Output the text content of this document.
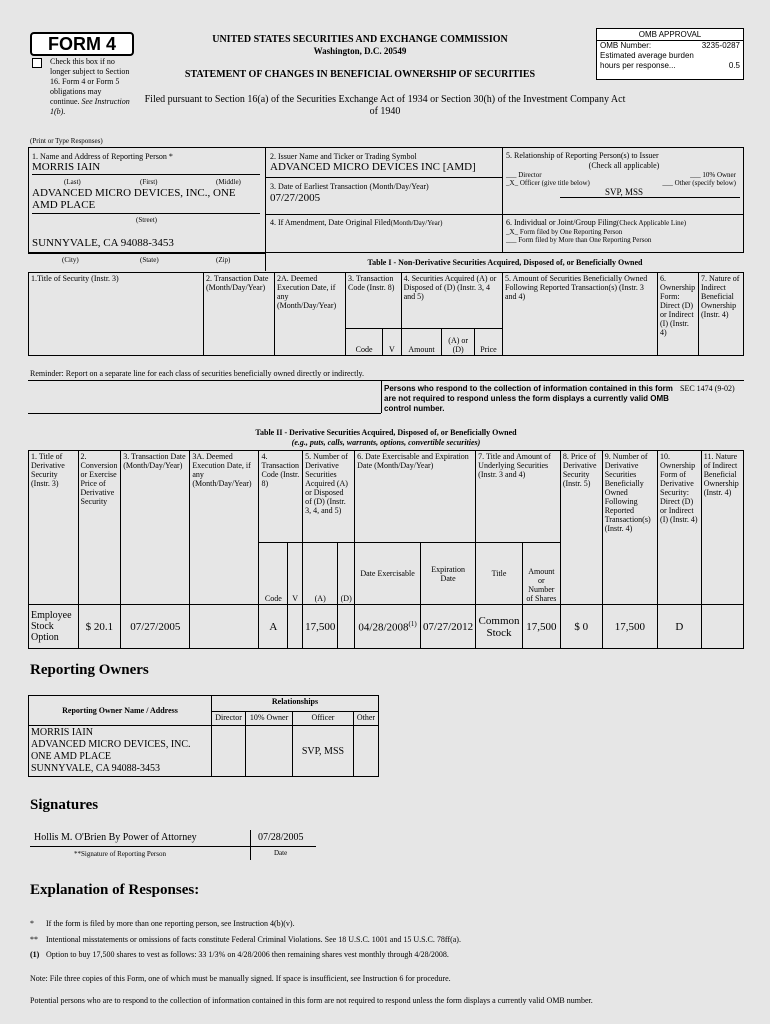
FORM 4
Check this box if no longer subject to Section 16. Form 4 or Form 5 obligations may continue. See Instruction 1(b).
UNITED STATES SECURITIES AND EXCHANGE COMMISSION
Washington, D.C. 20549
STATEMENT OF CHANGES IN BENEFICIAL OWNERSHIP OF SECURITIES
Filed pursuant to Section 16(a) of the Securities Exchange Act of 1934 or Section 30(h) of the Investment Company Act of 1940
OMB APPROVAL
OMB Number:	3235-0287
Estimated average burden
hours per response...	0.5
(Print or Type Responses)
1. Name and Address of Reporting Person *
MORRIS IAIN
(Last)	(First)	(Middle)
ADVANCED MICRO DEVICES, INC., ONE AMD PLACE
(Street)
SUNNYVALE, CA 94088-3453
(City)	(State)	(Zip)
2. Issuer Name and Ticker or Trading Symbol
ADVANCED MICRO DEVICES INC [AMD]
3. Date of Earliest Transaction (Month/Day/Year)
07/27/2005
4. If Amendment, Date Original Filed(Month/Day/Year)
5. Relationship of Reporting Person(s) to Issuer
(Check all applicable)
___ Director	___ 10% Owner
_X_ Officer (give title below)	___ Other (specify below)
SVP, MSS
6. Individual or Joint/Group Filing(Check Applicable Line)
_X_ Form filed by One Reporting Person
___ Form filed by More than One Reporting Person
Table I - Non-Derivative Securities Acquired, Disposed of, or Beneficially Owned
1.Title of Security (Instr. 3)	2. Transaction Date (Month/Day/Year)	2A. Deemed Execution Date, if any (Month/Day/Year)	3. Transaction Code (Instr. 8)		4. Securities Acquired (A) or Disposed of (D) (Instr. 3, 4 and 5)			5. Amount of Securities Beneficially Owned Following Reported Transaction(s) (Instr. 3 and 4)	6. Ownership Form: Direct (D) or Indirect (I) (Instr. 4)	7. Nature of Indirect Beneficial Ownership (Instr. 4)
			Code	V	Amount	(A) or (D)	Price			
Reminder: Report on a separate line for each class of securities beneficially owned directly or indirectly.
Persons who respond to the collection of information contained in this form are not required to respond unless the form displays a currently valid OMB control number.
SEC 1474 (9-02)
Table II - Derivative Securities Acquired, Disposed of, or Beneficially Owned
(e.g., puts, calls, warrants, options, convertible securities)
1. Title of Derivative Security (Instr. 3)	2. Conversion or Exercise Price of Derivative Security	3. Transaction Date (Month/Day/Year)	3A. Deemed Execution Date, if any (Month/Day/Year)	4. Transaction Code (Instr. 8)		5. Number of Derivative Securities Acquired (A) or Disposed of (D) (Instr. 3, 4, and 5)		6. Date Exercisable and Expiration Date (Month/Day/Year)		7. Title and Amount of Underlying Securities (Instr. 3 and 4)		8. Price of Derivative Security (Instr. 5)	9. Number of Derivative Securities Beneficially Owned Following Reported Transaction(s) (Instr. 4)	10. Ownership Form of Derivative Security: Direct (D) or Indirect (I) (Instr. 4)	11. Nature of Indirect Beneficial Ownership (Instr. 4)
				Code	V	(A)	(D)	Date Exercisable	Expiration Date	Title	Amount or Number of Shares				
Employee Stock Option	$ 20.1	07/27/2005		A		17,500		04/28/2008$^{(1)}$	07/27/2012	Common Stock	17,500	$ 0	17,500	D	
Reporting Owners
Reporting Owner Name / Address	Relationships			
	Director	10% Owner	Officer	Other

MORRIS IAIN
ADVANCED MICRO DEVICES, INC.
ONE AMD PLACE
SUNNYVALE, CA 94088-3453			SVP, MSS	
Signatures
Hollis M. O'Brien By Power of Attorney	07/28/2005
**Signature of Reporting Person	Date
Explanation of Responses:
* If the form is filed by more than one reporting person, see Instruction 4(b)(v).
** Intentional misstatements or omissions of facts constitute Federal Criminal Violations. See 18 U.S.C. 1001 and 15 U.S.C. 78ff(a).
(1) Option to buy 17,500 shares to vest as follows: 33 1/3% on 4/28/2006 then remaining shares vest monthly through 4/28/2008.
Note: File three copies of this Form, one of which must be manually signed. If space is insufficient, see Instruction 6 for procedure.
Potential persons who are to respond to the collection of information contained in this form are not required to respond unless the form displays a currently valid OMB number.
